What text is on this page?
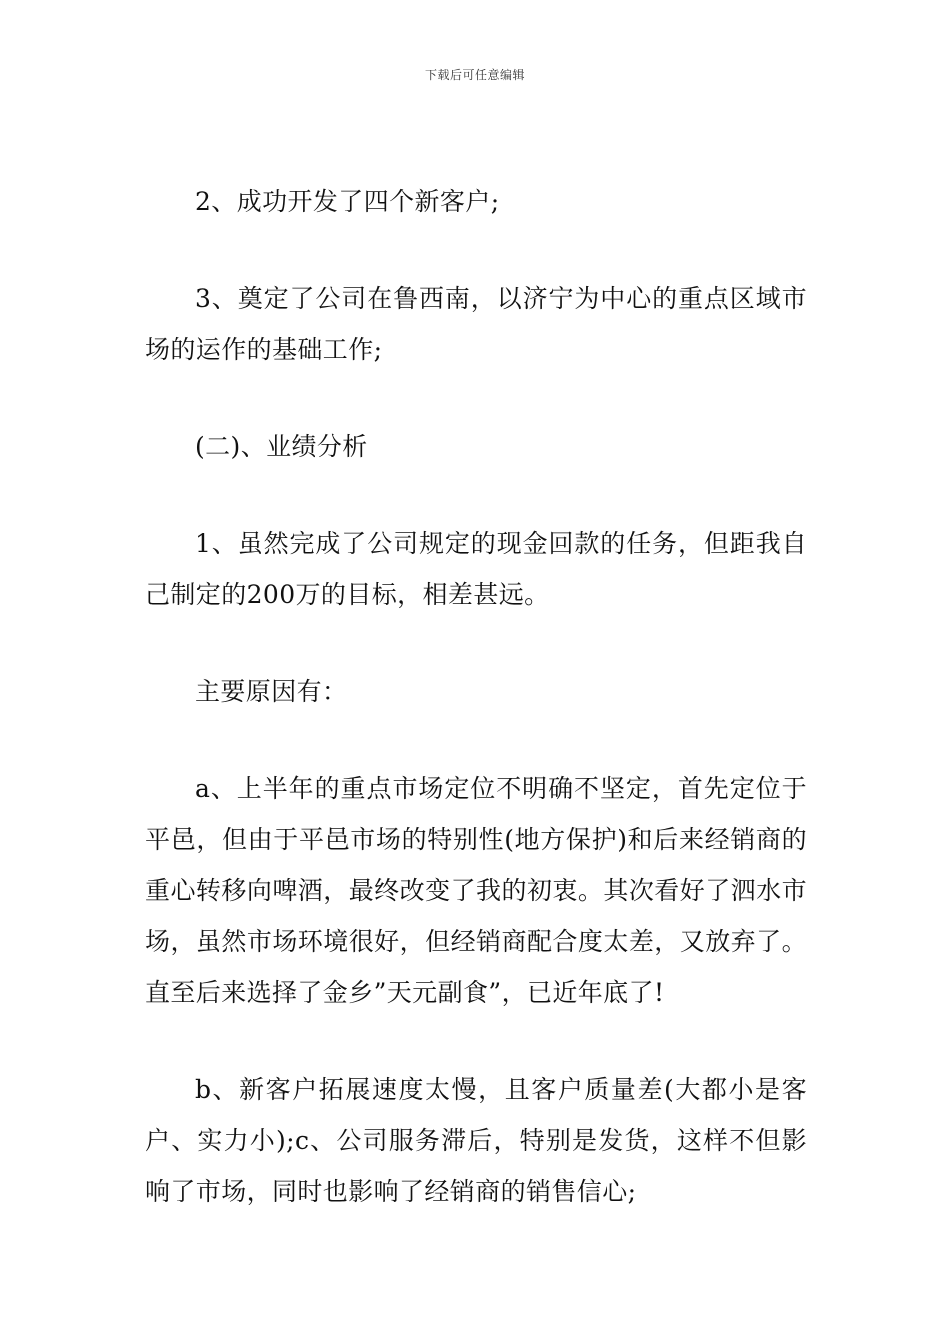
下载后可任意编辑

2、成功开发了四个新客户;

3、奠定了公司在鲁西南，以济宁为中心的重点区域市场的运作的基础工作;

(二)、业绩分析

1、虽然完成了公司规定的现金回款的任务，但距我自己制定的200万的目标，相差甚远。

主要原因有：

a、上半年的重点市场定位不明确不坚定，首先定位于平邑，但由于平邑市场的特别性(地方保护)和后来经销商的重心转移向啤酒，最终改变了我的初衷。其次看好了泗水市场，虽然市场环境很好，但经销商配合度太差，又放弃了。直至后来选择了金乡”天元副食”，已近年底了!

b、新客户拓展速度太慢，且客户质量差(大都小是客户、实力小);c、公司服务滞后，特别是发货，这样不但影响了市场，同时也影响了经销商的销售信心;
